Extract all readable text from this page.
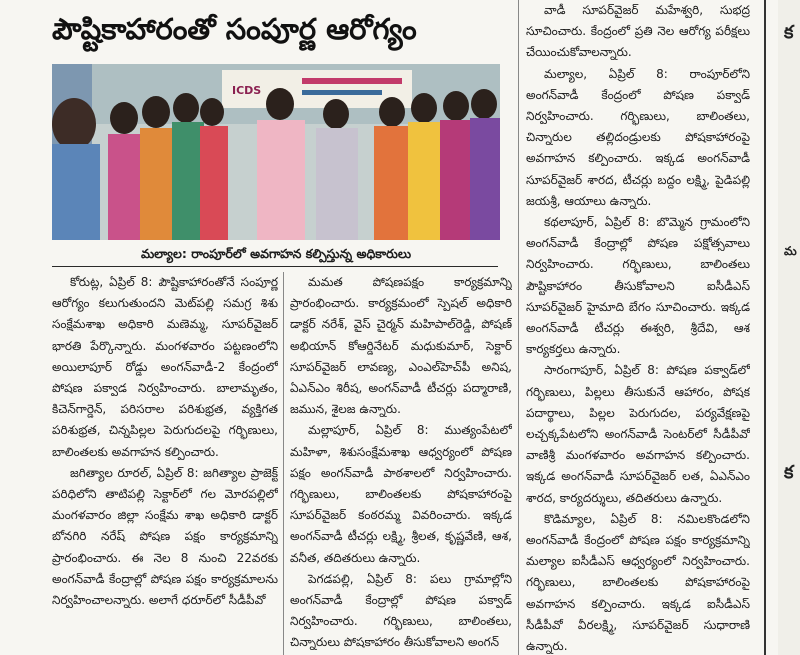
పౌష్టికాహారంతో సంపూర్ణ ఆరోగ్యం
ICDS
మల్యాల: రాంపూర్‌లో అవగాహన కల్పిస్తున్న అధికారులు

కోరుట్ల, ఏప్రిల్ 8: పౌష్టికాహారంతోనే సంపూర్ణ ఆరోగ్యం కలుగుతుందని మెట్‌పల్లి సమగ్ర శిశు సంక్షేమశాఖ అధికారి మణెమ్మ, సూపర్‌వైజర్ భారతి పేర్కొన్నారు. మంగళవారం పట్టణంలోని అయిలాపూర్ రోడ్డు అంగన్‌వాడీ-2 కేంద్రంలో పోషణ పక్వాడ నిర్వహించారు. బాలామృతం, కిచెన్‌గార్డెన్, పరిసరాల పరిశుభ్రత, వ్యక్తిగత పరిశుభ్రత, చిన్నపిల్లల పెరుగుదలపై గర్భిణులు, బాలింతలకు అవగాహన కల్పించారు.

జగిత్యాల రూరల్, ఏప్రిల్ 8: జగిత్యాల ప్రాజెక్ట్ పరిధిలోని తాటిపల్లి సెక్టార్‌లో గల మోరపల్లిలో మంగళవారం జిల్లా సంక్షేమ శాఖ అధికారి డాక్టర్ బోనగిరి నరేష్ పోషణ పక్షం కార్యక్రమాన్ని ప్రారంభించారు. ఈ నెల 8 నుంచి 22వరకు అంగన్‌వాడీ కేంద్రాల్లో పోషణ పక్షం కార్యక్రమాలను నిర్వహించాలన్నారు. అలాగే ధరూర్‌లో సీడీపీవో

మమత పోషణపక్షం కార్యక్రమాన్ని ప్రారంభించారు. కార్యక్రమంలో స్పెషల్ అధికారి డాక్టర్ నరేశ్, వైస్ చైర్మన్ మహిపాల్‌రెడ్డి, పోషణ్ అభియాన్ కోఆర్డినేటర్ మధుకుమార్, సెక్టార్ సూపర్‌వైజర్ లావణ్య, ఎంఎల్‌హెచ్‌పీ అనిష, ఏఎన్‌ఎం శిరీష, అంగన్‌వాడీ టీచర్లు పద్మారాణి, జమున, శైలజ ఉన్నారు.

మల్లాపూర్, ఏప్రిల్ 8: ముత్యంపేటలో మహిళా, శిశుసంక్షేమశాఖ ఆధ్వర్యంలో పోషణ పక్షం అంగన్‌వాడీ పాఠశాలలో నిర్వహించారు. గర్భిణులు, బాలింతలకు పోషకాహారంపై సూపర్‌వైజర్ కంఠరమ్మ వివరించారు. ఇక్కడ అంగన్‌వాడీ టీచర్లు లక్ష్మి, శ్రీలత, కృష్ణవేణి, ఆశ, వనీత, తదితరులు ఉన్నారు.

పెగడపల్లి, ఏప్రిల్ 8: పలు గ్రామాల్లోని అంగన్‌వాడీ కేంద్రాల్లో పోషణ పక్వాడ్ నిర్వహించారు. గర్భిణులు, బాలింతలు, చిన్నారులు పోషకాహారం తీసుకోవాలని అంగన్

వాడీ సూపర్‌వైజర్ మహేశ్వరి, సుభద్ర సూచించారు. కేంద్రంలో ప్రతి నెల ఆరోగ్య పరీక్షలు చేయించుకోవాలన్నారు.

మల్యాల, ఏప్రిల్ 8: రాంపూర్‌లోని అంగన్‌వాడీ కేంద్రంలో పోషణ పక్వాడ్ నిర్వహించారు. గర్భిణులు, బాలింతలు, చిన్నారుల తల్లిదండ్రులకు పోషకాహారంపై అవగాహన కల్పించారు. ఇక్కడ అంగన్‌వాడీ సూపర్‌వైజర్ శారద, టీచర్లు బద్దం లక్ష్మి, పైడిపల్లి జయశ్రీ, ఆయాలు ఉన్నారు.

కథలాపూర్, ఏప్రిల్ 8: బొమ్మెన గ్రామంలోని అంగన్‌వాడీ కేంద్రాల్లో పోషణ పక్షోత్సవాలు నిర్వహించారు. గర్భిణులు, బాలింతలు పౌష్టికాహారం తీసుకోవాలని ఐసీడీఎస్ సూపర్‌వైజర్ హైమాది బేగం సూచించారు. ఇక్కడ అంగన్‌వాడీ టీచర్లు ఈశ్వరి, శ్రీదేవి, ఆశ కార్యకర్తలు ఉన్నారు.

సారంగాపూర్, ఏప్రిల్ 8: పోషణ పక్వాడ్‌లో గర్భిణులు, పిల్లలు తీసుకునే ఆహారం, పోషక పదార్థాలు, పిల్లల పెరుగుదల, పర్యవేక్షణపై లచ్చక్కపేటలోని అంగన్‌వాడీ సెంటర్‌లో సీడీపీవో వాణిశ్రీ మంగళవారం అవగాహన కల్పించారు. ఇక్కడ అంగన్‌వాడీ సూపర్‌వైజర్ లత, ఏఎన్‌ఎం శారద, కార్యదర్శులు, తదితరులు ఉన్నారు.

కొడిమ్యాల, ఏప్రిల్ 8: నమిలకొండలోని అంగన్‌వాడీ కేంద్రంలో పోషణ పక్షం కార్యక్రమాన్ని మల్యాల ఐసీడీఎస్ ఆధ్వర్యంలో నిర్వహించారు. గర్భిణులు, బాలింతలకు పోషకాహారంపై అవగాహన కల్పించారు. ఇక్కడ ఐసీడీఎస్ సీడీపీవో వీరలక్ష్మి, సూపర్‌వైజర్ సుధారాణి ఉన్నారు.

క
మ
క
